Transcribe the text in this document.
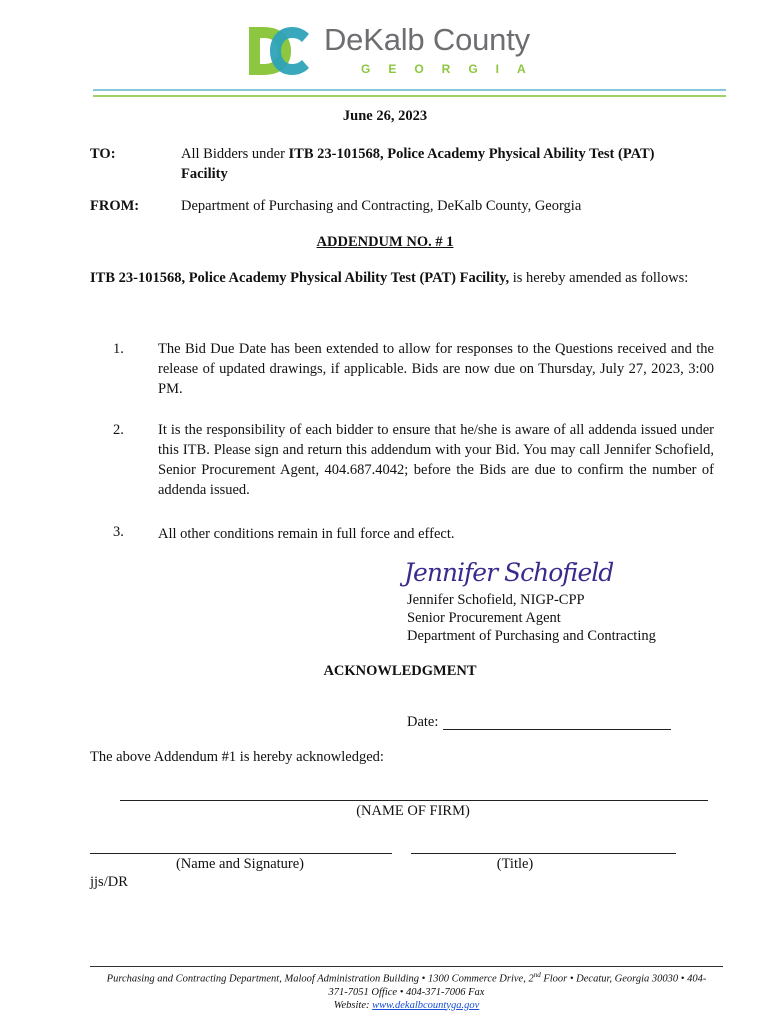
DeKalb County
GEORGIA
June 26, 2023
TO:	All Bidders under ITB 23-101568, Police Academy Physical Ability Test (PAT) Facility
FROM:	Department of Purchasing and Contracting, DeKalb County, Georgia
ADDENDUM NO. # 1
ITB 23-101568, Police Academy Physical Ability Test (PAT) Facility, is hereby amended as follows:
1. The Bid Due Date has been extended to allow for responses to the Questions received and the release of updated drawings, if applicable. Bids are now due on Thursday, July 27, 2023, 3:00 PM.
2. It is the responsibility of each bidder to ensure that he/she is aware of all addenda issued under this ITB. Please sign and return this addendum with your Bid. You may call Jennifer Schofield, Senior Procurement Agent, 404.687.4042; before the Bids are due to confirm the number of addenda issued.
3. All other conditions remain in full force and effect.
Jennifer Schofield
Jennifer Schofield, NIGP-CPP
Senior Procurement Agent
Department of Purchasing and Contracting
ACKNOWLEDGMENT
Date:
The above Addendum #1 is hereby acknowledged:
(NAME OF FIRM)
(Name and Signature)	(Title)
jjs/DR
Purchasing and Contracting Department, Maloof Administration Building • 1300 Commerce Drive, 2nd Floor • Decatur, Georgia 30030 • 404-
371-7051 Office • 404-371-7006 Fax
Website: www.dekalbcountyga.gov
